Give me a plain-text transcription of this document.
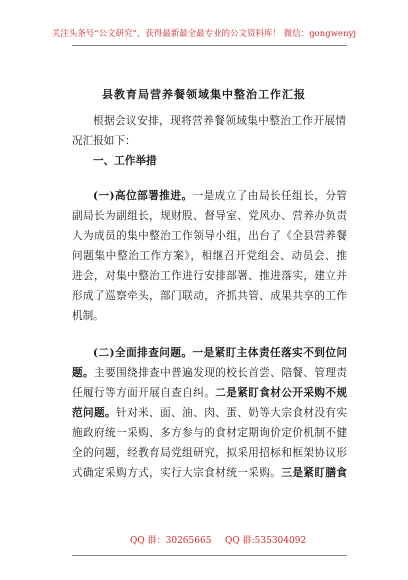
关注头条号“公文研究”，获得最新最全最专业的公文资料库！ 微信：gongwenyj
县教育局营养餐领域集中整治工作汇报
根据会议安排，现将营养餐领域集中整治工作开展情
况汇报如下：
一、工作举措
(一)高位部署推进。一是成立了由局长任组长，分管
副局长为副组长，规财股、督导室、党风办、营养办负责
人为成员的集中整治工作领导小组，出台了《全县营养餐
问题集中整治工作方案》，相继召开党组会、动员会、推
进会，对集中整治工作进行安排部署、推进落实，建立并
形成了巡察牵头，部门联动，齐抓共管、成果共享的工作
机制。
(二)全面排查问题。一是紧盯主体责任落实不到位问
题。主要围绕排查中普遍发现的校长首尝、陪餐、管理责
任履行等方面开展自查自纠。二是紧盯食材公开采购不规
范问题。针对米、面、油、肉、蛋、奶等大宗食材没有实
施政府统一采购、多方参与的食材定期询价定价机制不健
全的问题，经教育局党组研究，拟采用招标和框架协议形
式确定采购方式，实行大宗食材统一采购。三是紧盯膳食
QQ 群：30265665 QQ 群:535304092
